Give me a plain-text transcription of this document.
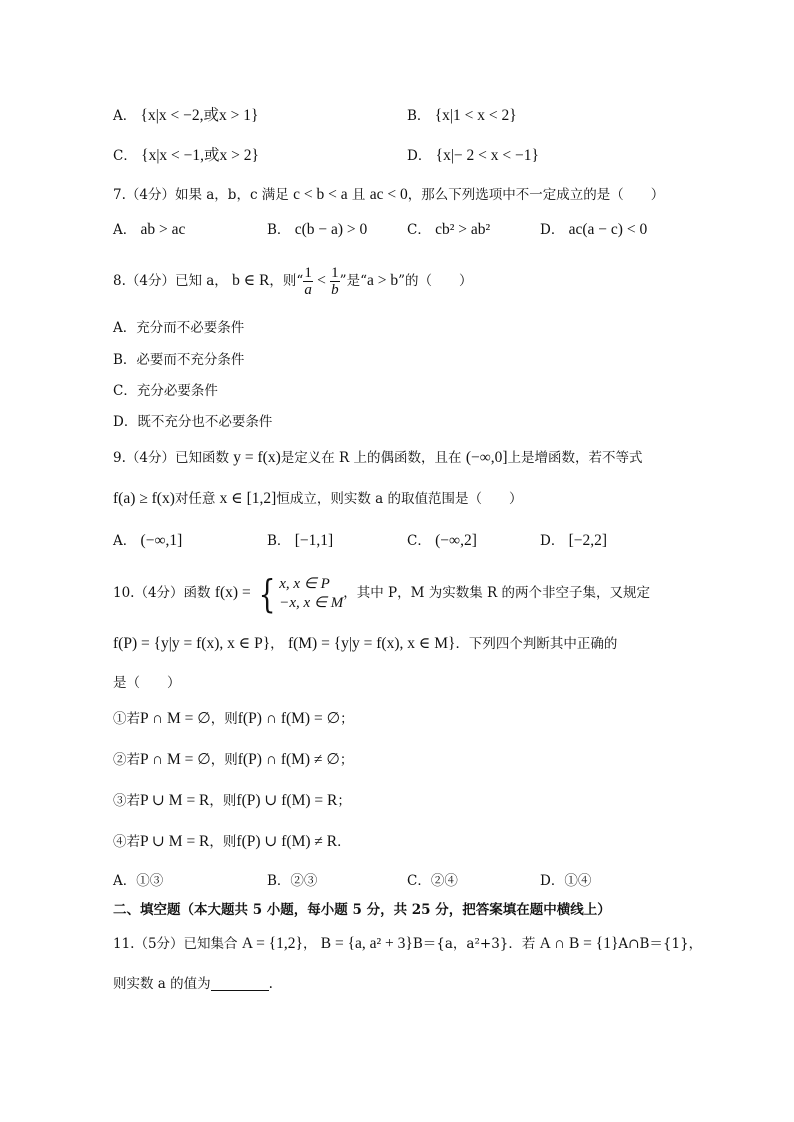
A． {x|x < −2,或x > 1}	B． {x|1 < x < 2}
C． {x|x < −1,或x > 2}	D． {x|− 2 < x < −1}
7.（4分）如果 a，b，c 满足 c < b < a 且 ac < 0，那么下列选项中不一定成立的是（　　）
A． ab > ac	B． c(b − a) > 0	C． cb² > ab²	D． ac(a − c) < 0
8.（4分）已知 a， b ∈ R，则“ $\frac{1}{a} < \frac{1}{b}$ ”是“a > b”的（　　）
A．充分而不必要条件
B．必要而不充分条件
C．充分必要条件
D．既不充分也不必要条件
9.（4分）已知函数 y = f(x)是定义在 R 上的偶函数，且在 (−∞,0]上是增函数，若不等式
f(a) ≥ f(x)对任意 x ∈ [1,2]恒成立，则实数 a 的取值范围是（　　）
A． (−∞,1]	B． [−1,1]	C． (−∞,2]	D． [−2,2]
10.（4分）函数 f(x) = { x, x ∈ P
−x, x ∈ M
，其中 P，M 为实数集 R 的两个非空子集，又规定
f(P) = {y|y = f(x), x ∈ P}， f(M) = {y|y = f(x), x ∈ M}．下列四个判断其中正确的
是（　　）
①若P ∩ M = ∅，则f(P) ∩ f(M) = ∅；
②若P ∩ M = ∅，则f(P) ∩ f(M) ≠ ∅；
③若P ∪ M = R，则f(P) ∪ f(M) = R；
④若P ∪ M = R，则f(P) ∪ f(M) ≠ R．
A．①③	B．②③	C．②④	D．①④
二、填空题（本大题共 5 小题，每小题 5 分，共 25 分，把答案填在题中横线上）
11.（5分）已知集合 A = {1,2}， B = {a, a² + 3}B＝{a，a²+3}．若 A ∩ B = {1}A∩B＝{1}，
则实数 a 的值为	.
